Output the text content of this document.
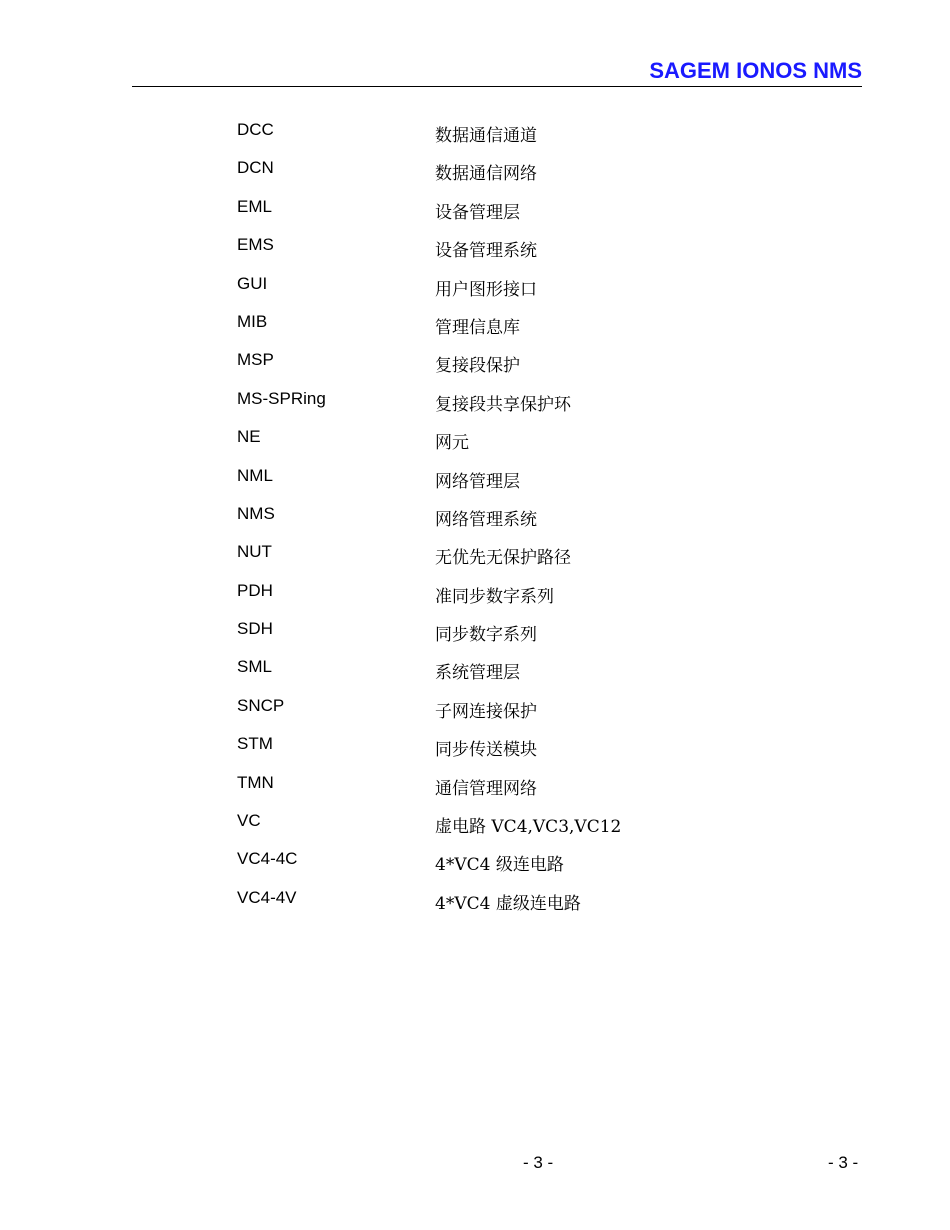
SAGEM IONOS NMS
DCC	数据通信通道
DCN	数据通信网络
EML	设备管理层
EMS	设备管理系统
GUI	用户图形接口
MIB	管理信息库
MSP	复接段保护
MS-SPRing	复接段共享保护环
NE	网元
NML	网络管理层
NMS	网络管理系统
NUT	无优先无保护路径
PDH	准同步数字系列
SDH	同步数字系列
SML	系统管理层
SNCP	子网连接保护
STM	同步传送模块
TMN	通信管理网络
VC	虚电路 VC4,VC3,VC12
VC4-4C	4*VC4 级连电路
VC4-4V	4*VC4 虚级连电路
- 3 -	- 3 -
